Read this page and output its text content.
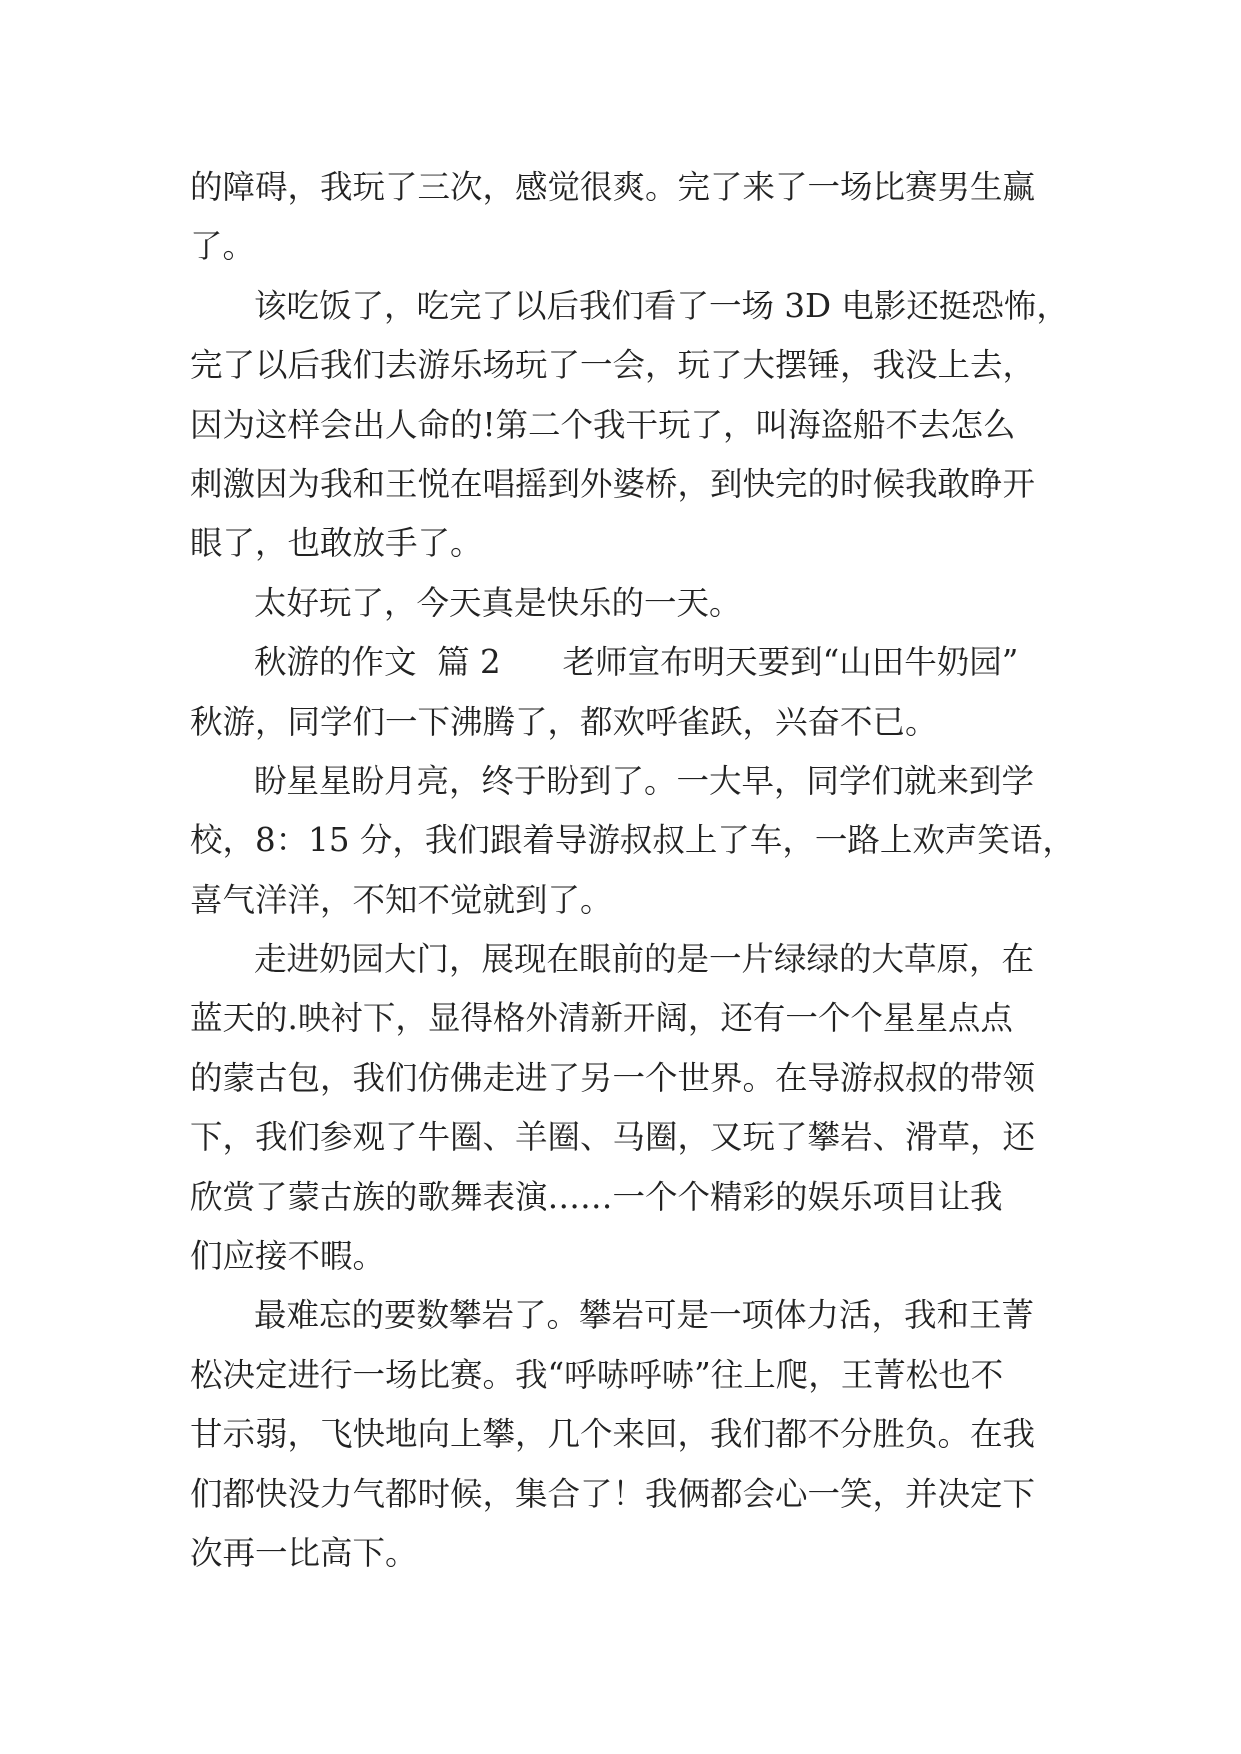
的障碍，我玩了三次，感觉很爽。完了来了一场比赛男生赢
了。
该吃饭了，吃完了以后我们看了一场 3D 电影还挺恐怖，
完了以后我们去游乐场玩了一会，玩了大摆锤，我没上去，
因为这样会出人命的!第二个我干玩了，叫海盗船不去怎么
刺激因为我和王悦在唱摇到外婆桥，到快完的时候我敢睁开
眼了，也敢放手了。
太好玩了，今天真是快乐的一天。
秋游的作文  篇 2      老师宣布明天要到“山田牛奶园”
秋游，同学们一下沸腾了，都欢呼雀跃，兴奋不已。
盼星星盼月亮，终于盼到了。一大早，同学们就来到学
校，8：15 分，我们跟着导游叔叔上了车，一路上欢声笑语，
喜气洋洋，不知不觉就到了。
走进奶园大门，展现在眼前的是一片绿绿的大草原，在
蓝天的.映衬下，显得格外清新开阔，还有一个个星星点点
的蒙古包，我们仿佛走进了另一个世界。在导游叔叔的带领
下，我们参观了牛圈、羊圈、马圈，又玩了攀岩、滑草，还
欣赏了蒙古族的歌舞表演……一个个精彩的娱乐项目让我
们应接不暇。
最难忘的要数攀岩了。攀岩可是一项体力活，我和王菁
松决定进行一场比赛。我“呼哧呼哧”往上爬，王菁松也不
甘示弱，飞快地向上攀，几个来回，我们都不分胜负。在我
们都快没力气都时候，集合了！我俩都会心一笑，并决定下
次再一比高下。
